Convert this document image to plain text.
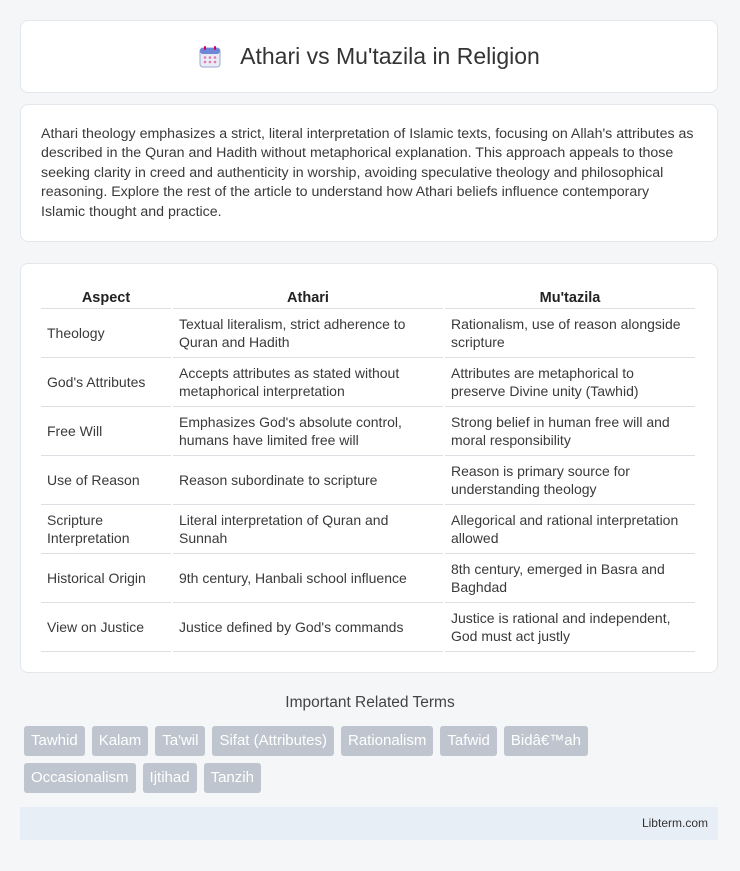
Athari vs Mu'tazila in Religion

Athari theology emphasizes a strict, literal interpretation of Islamic texts, focusing on Allah's attributes as described in the Quran and Hadith without metaphorical explanation. This approach appeals to those seeking clarity in creed and authenticity in worship, avoiding speculative theology and philosophical reasoning. Explore the rest of the article to understand how Athari beliefs influence contemporary Islamic thought and practice.

Aspect	Athari	Mu'tazila
Theology	Textual literalism, strict adherence to Quran and Hadith	Rationalism, use of reason alongside scripture
God's Attributes	Accepts attributes as stated without metaphorical interpretation	Attributes are metaphorical to preserve Divine unity (Tawhid)
Free Will	Emphasizes God's absolute control, humans have limited free will	Strong belief in human free will and moral responsibility
Use of Reason	Reason subordinate to scripture	Reason is primary source for understanding theology
Scripture Interpretation	Literal interpretation of Quran and Sunnah	Allegorical and rational interpretation allowed
Historical Origin	9th century, Hanbali school influence	8th century, emerged in Basra and Baghdad
View on Justice	Justice defined by God's commands	Justice is rational and independent, God must act justly
Important Related Terms
Tawhid	Kalam	Ta'wil	Sifat (Attributes)	Rationalism	Tafwid	Bidâ€™ah
Occasionalism	Ijtihad	Tanzih
Libterm.com
